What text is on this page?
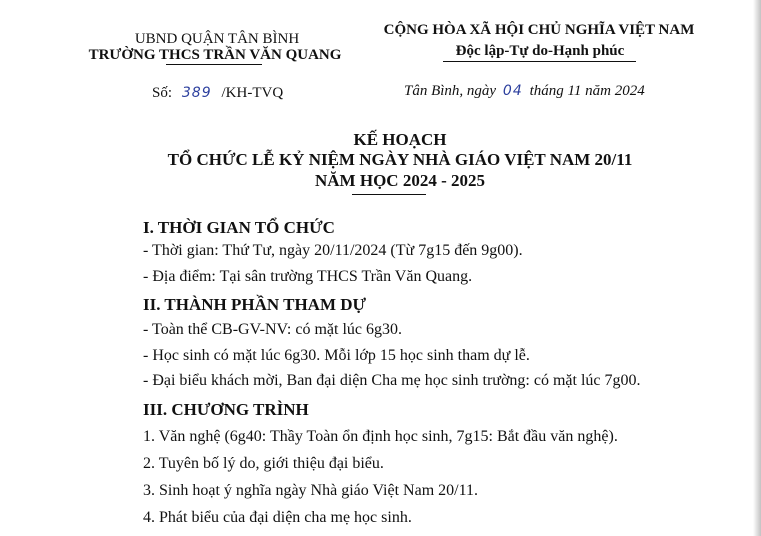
UBND QUẬN TÂN BÌNH
TRƯỜNG THCS TRẦN VĂN QUANG
CỘNG HÒA XÃ HỘI CHỦ NGHĨA VIỆT NAM
Độc lập-Tự do-Hạnh phúc
Số: 389 /KH-TVQ	Tân Bình, ngày 04 tháng 11 năm 2024
KẾ HOẠCH
TỔ CHỨC LỄ KỶ NIỆM NGÀY NHÀ GIÁO VIỆT NAM 20/11
NĂM HỌC 2024 - 2025
I. THỜI GIAN TỔ CHỨC
- Thời gian: Thứ Tư, ngày 20/11/2024 (Từ 7g15 đến 9g00).
- Địa điểm: Tại sân trường THCS Trần Văn Quang.
II. THÀNH PHẦN THAM DỰ
- Toàn thể CB-GV-NV: có mặt lúc 6g30.
- Học sinh có mặt lúc 6g30. Mỗi lớp 15 học sinh tham dự lễ.
- Đại biểu khách mời, Ban đại diện Cha mẹ học sinh trường: có mặt lúc 7g00.
III. CHƯƠNG TRÌNH
1. Văn nghệ (6g40: Thầy Toàn ổn định học sinh, 7g15: Bắt đầu văn nghệ).
2. Tuyên bố lý do, giới thiệu đại biểu.
3. Sinh hoạt ý nghĩa ngày Nhà giáo Việt Nam 20/11.
4. Phát biểu của đại diện cha mẹ học sinh.
